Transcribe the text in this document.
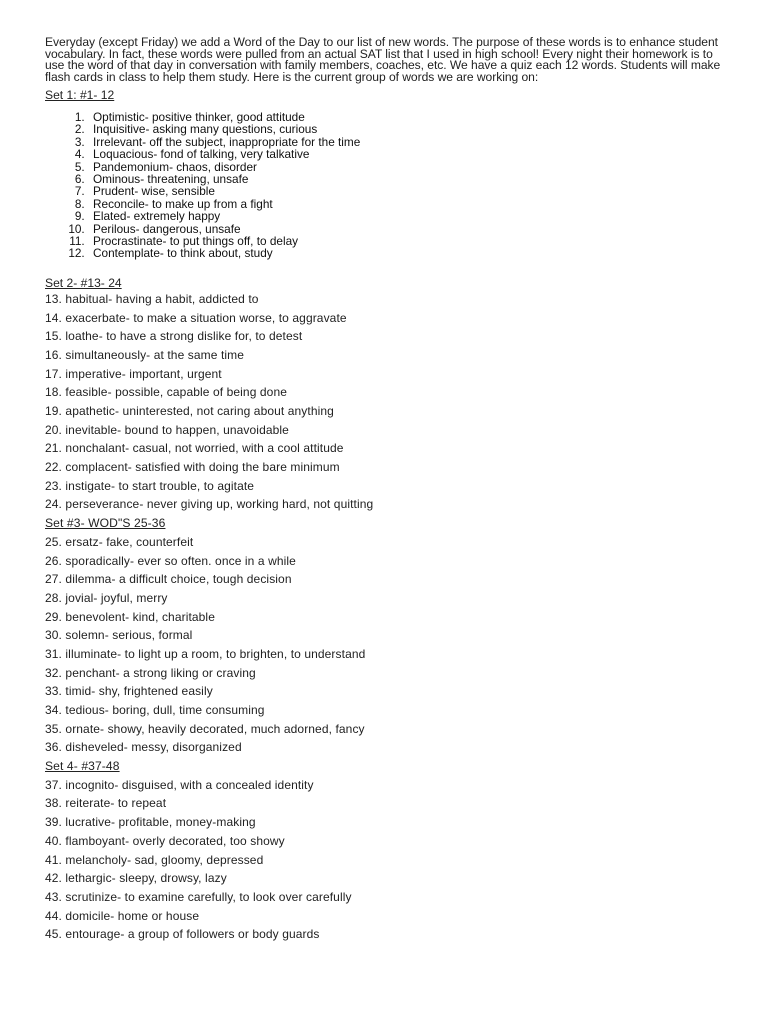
Everyday (except Friday) we add a Word of the Day to our list of new words. The purpose of these words is to enhance student vocabulary. In fact, these words were pulled from an actual SAT list that I used in high school! Every night their homework is to use the word of that day in conversation with family members, coaches, etc. We have a quiz each 12 words. Students will make flash cards in class to help them study. Here is the current group of words we are working on:

Set 1: #1- 12
1. Optimistic- positive thinker, good attitude
2. Inquisitive- asking many questions, curious
3. Irrelevant- off the subject, inappropriate for the time
4. Loquacious- fond of talking, very talkative
5. Pandemonium- chaos, disorder
6. Ominous- threatening, unsafe
7. Prudent- wise, sensible
8. Reconcile- to make up from a fight
9. Elated- extremely happy
10. Perilous- dangerous, unsafe
11. Procrastinate- to put things off, to delay
12. Contemplate- to think about, study
Set 2- #13- 24
13. habitual- having a habit, addicted to
14. exacerbate- to make a situation worse, to aggravate
15. loathe- to have a strong dislike for, to detest
16. simultaneously- at the same time
17. imperative- important, urgent
18. feasible- possible, capable of being done
19. apathetic- uninterested, not caring about anything
20. inevitable- bound to happen, unavoidable
21. nonchalant- casual, not worried, with a cool attitude
22. complacent- satisfied with doing the bare minimum
23. instigate- to start trouble, to agitate
24. perseverance- never giving up, working hard, not quitting
Set #3- WOD"S 25-36
25. ersatz- fake, counterfeit
26. sporadically- ever so often. once in a while
27. dilemma- a difficult choice, tough decision
28. jovial- joyful, merry
29. benevolent- kind, charitable
30. solemn- serious, formal
31. illuminate- to light up a room, to brighten, to understand
32. penchant- a strong liking or craving
33. timid- shy, frightened easily
34. tedious- boring, dull, time consuming
35. ornate- showy, heavily decorated, much adorned, fancy
36. disheveled- messy, disorganized
Set 4- #37-48
37. incognito- disguised, with a concealed identity
38. reiterate- to repeat
39. lucrative- profitable, money-making
40. flamboyant- overly decorated, too showy
41. melancholy- sad, gloomy, depressed
42. lethargic- sleepy, drowsy, lazy
43. scrutinize- to examine carefully, to look over carefully
44. domicile- home or house
45. entourage- a group of followers or body guards
